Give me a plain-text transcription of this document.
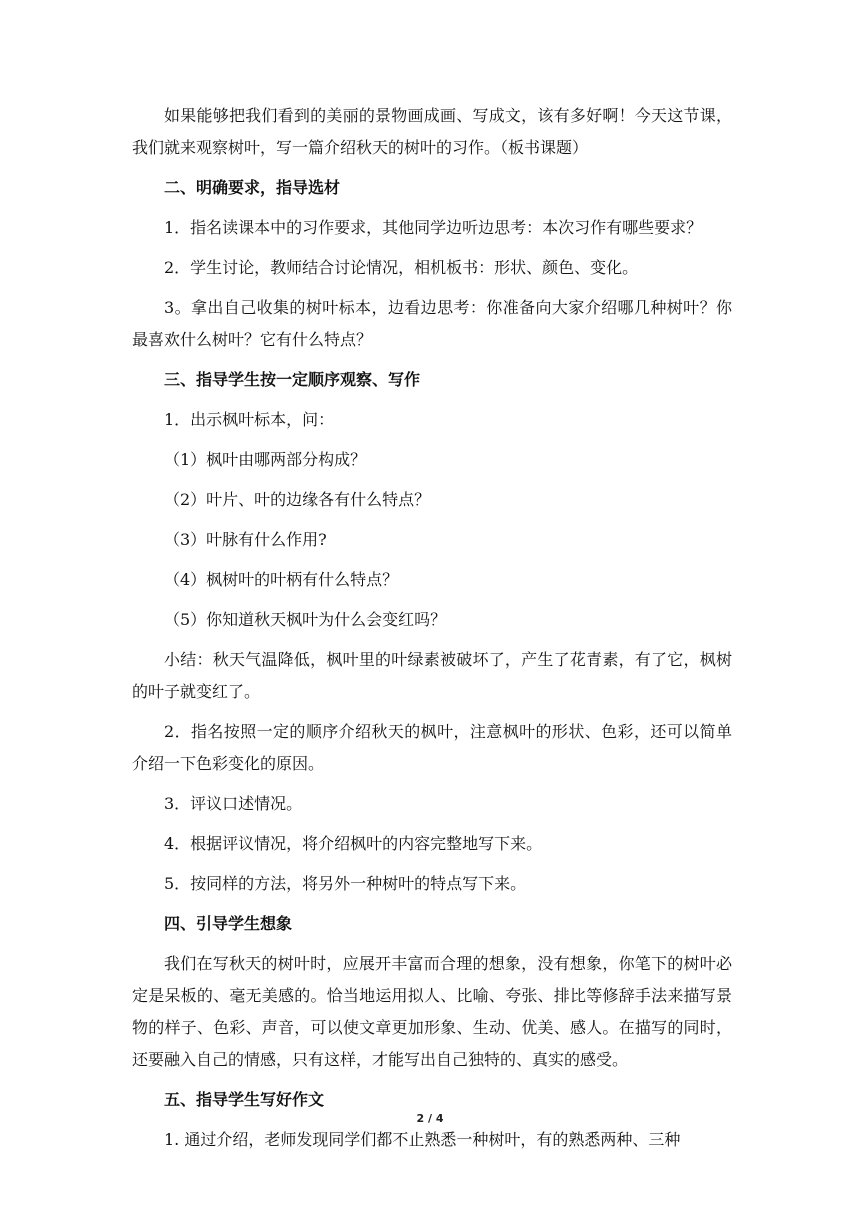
如果能够把我们看到的美丽的景物画成画、写成文，该有多好啊！今天这节课，我们就来观察树叶，写一篇介绍秋天的树叶的习作。（板书课题）

二、明确要求，指导选材

1．指名读课本中的习作要求，其他同学边听边思考：本次习作有哪些要求？

2．学生讨论，教师结合讨论情况，相机板书：形状、颜色、变化。

3。拿出自己收集的树叶标本，边看边思考：你准备向大家介绍哪几种树叶？你最喜欢什么树叶？它有什么特点？

三、指导学生按一定顺序观察、写作

1．出示枫叶标本，问：

（1）枫叶由哪两部分构成？

（2）叶片、叶的边缘各有什么特点？

（3）叶脉有什么作用?

（4）枫树叶的叶柄有什么特点？

（5）你知道秋天枫叶为什么会变红吗？

小结：秋天气温降低，枫叶里的叶绿素被破坏了，产生了花青素，有了它，枫树的叶子就变红了。

2．指名按照一定的顺序介绍秋天的枫叶，注意枫叶的形状、色彩，还可以简单介绍一下色彩变化的原因。

3．评议口述情况。

4．根据评议情况，将介绍枫叶的内容完整地写下来。

5．按同样的方法，将另外一种树叶的特点写下来。

四、引导学生想象

我们在写秋天的树叶时，应展开丰富而合理的想象，没有想象，你笔下的树叶必定是呆板的、毫无美感的。恰当地运用拟人、比喻、夸张、排比等修辞手法来描写景物的样子、色彩、声音，可以使文章更加形象、生动、优美、感人。在描写的同时，还要融入自己的情感，只有这样，才能写出自己独特的、真实的感受。

五、指导学生写好作文

1. 通过介绍，老师发现同学们都不止熟悉一种树叶，有的熟悉两种、三种

2 / 4
